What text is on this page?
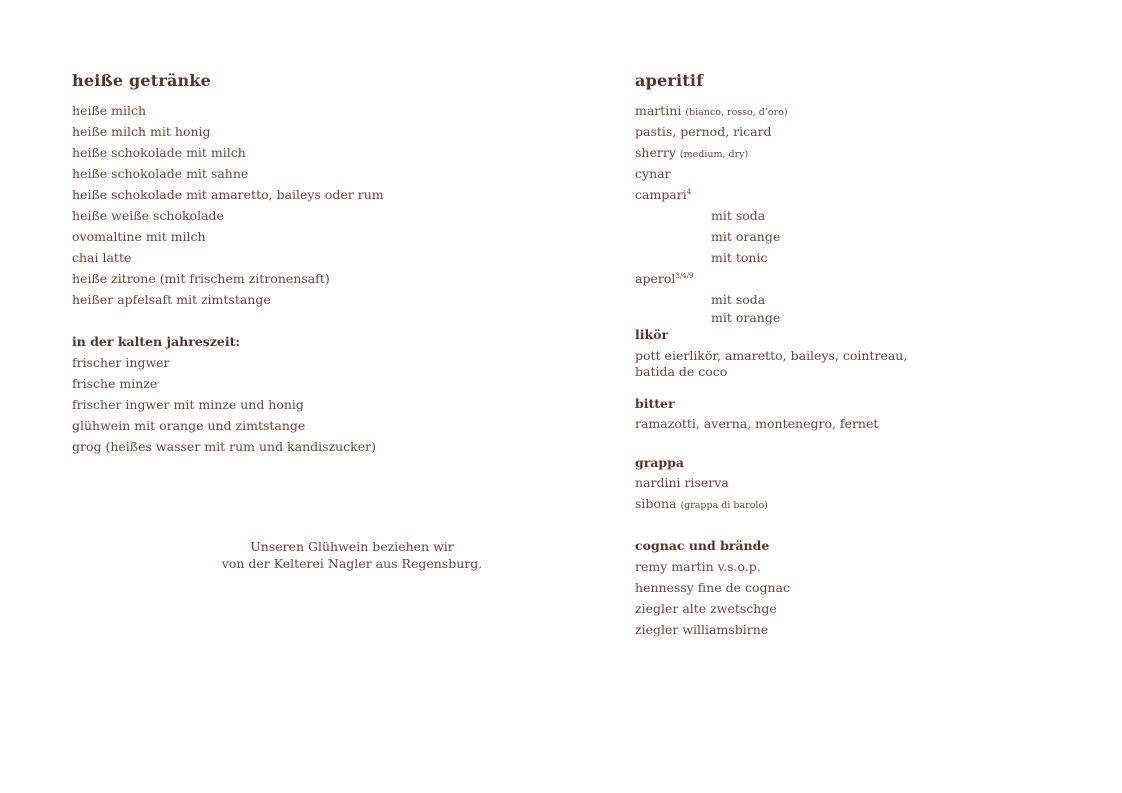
heiße getränke
heiße milch
heiße milch mit honig
heiße schokolade mit milch
heiße schokolade mit sahne
heiße schokolade mit amaretto, baileys oder rum
heiße weiße schokolade
ovomaltine mit milch
chai latte
heiße zitrone (mit frischem zitronensaft)
heißer apfelsaft mit zimtstange
in der kalten jahreszeit:
frischer ingwer
frische minze
frischer ingwer mit minze und honig
glühwein mit orange und zimtstange
grog (heißes wasser mit rum und kandiszucker)
Unseren Glühwein beziehen wir
von der Kelterei Nagler aus Regensburg.
aperitif
martini (bianco, rosso, d’oro)
pastis, pernod, ricard
sherry (medium, dry)
cynar
campari$^4$
mit soda
mit orange
mit tonic
aperol$^{3/4/9}$
mit soda
mit orange
likör
pott eierlikör, amaretto, baileys, cointreau,
batida de coco
bitter
ramazotti, averna, montenegro, fernet
grappa
nardini riserva
sibona (grappa di barolo)
cognac und brände
remy martin v.s.o.p.
hennessy fine de cognac
ziegler alte zwetschge
ziegler williamsbirne
